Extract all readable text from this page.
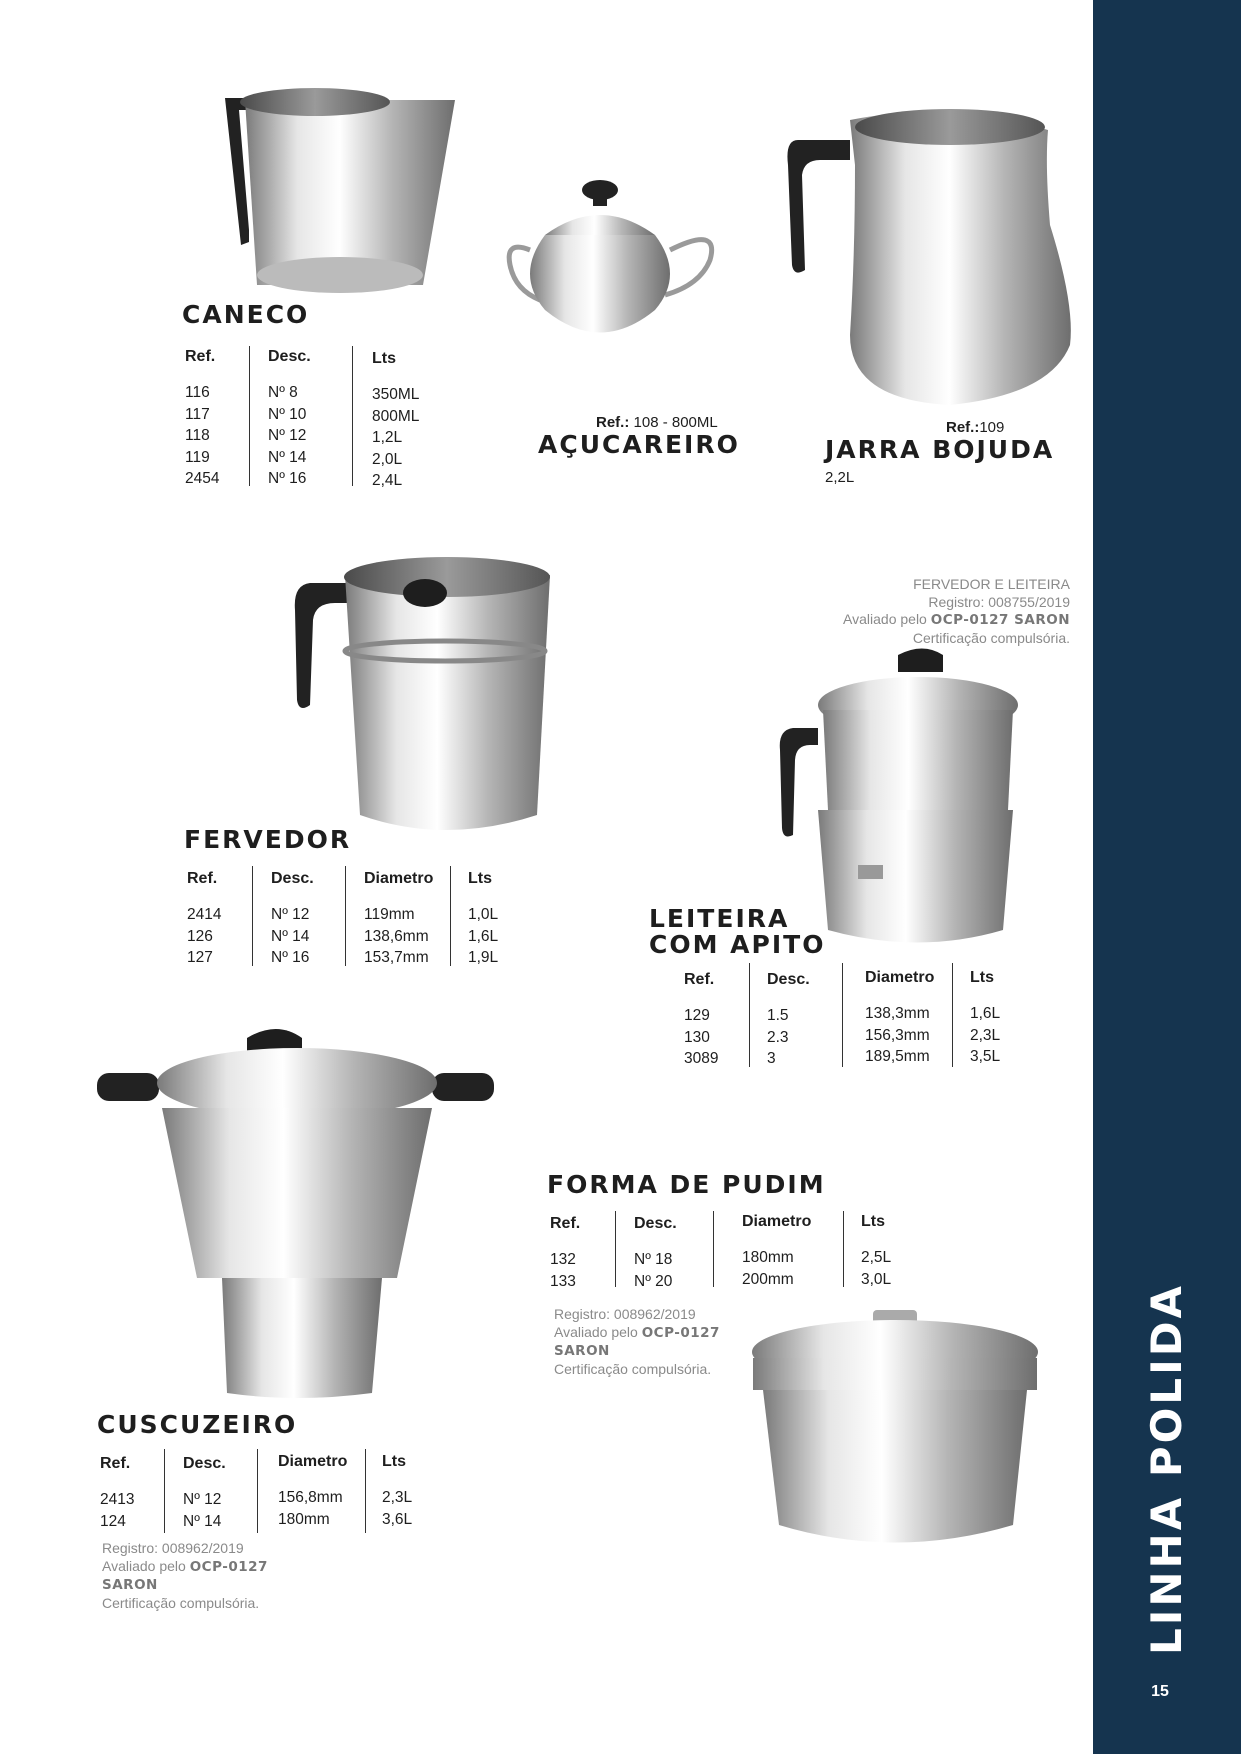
LINHA POLIDA
15
CANECO
Ref.
116
117
118
119
2454
Desc.
Nº 8
Nº 10
Nº 12
Nº 14
Nº 16
Lts
350ML
800ML
1,2L
2,0L
2,4L
Ref.: 108 - 800ML
AÇUCAREIRO
Ref.:109
JARRA BOJUDA
2,2L
FERVEDOR E LEITEIRA
Registro: 008755/2019
Avaliado pelo OCP-0127 SARON
Certificação compulsória.
FERVEDOR
Ref.
2414
126
127
Desc.
Nº 12
Nº 14
Nº 16
Diametro
119mm
138,6mm
153,7mm
Lts
1,0L
1,6L
1,9L
LEITEIRA
COM APITO
Ref.
129
130
3089
Desc.
1.5
2.3
3
Diametro
138,3mm
156,3mm
189,5mm
Lts
1,6L
2,3L
3,5L
CUSCUZEIRO
Ref.
2413
124
Desc.
Nº 12
Nº 14
Diametro
156,8mm
180mm
Lts
2,3L
3,6L
Registro: 008962/2019
Avaliado pelo OCP-0127
SARON
Certificação compulsória.
FORMA DE PUDIM
Ref.
132
133
Desc.
Nº 18
Nº 20
Diametro
180mm
200mm
Lts
2,5L
3,0L
Registro: 008962/2019
Avaliado pelo OCP-0127
SARON
Certificação compulsória.
